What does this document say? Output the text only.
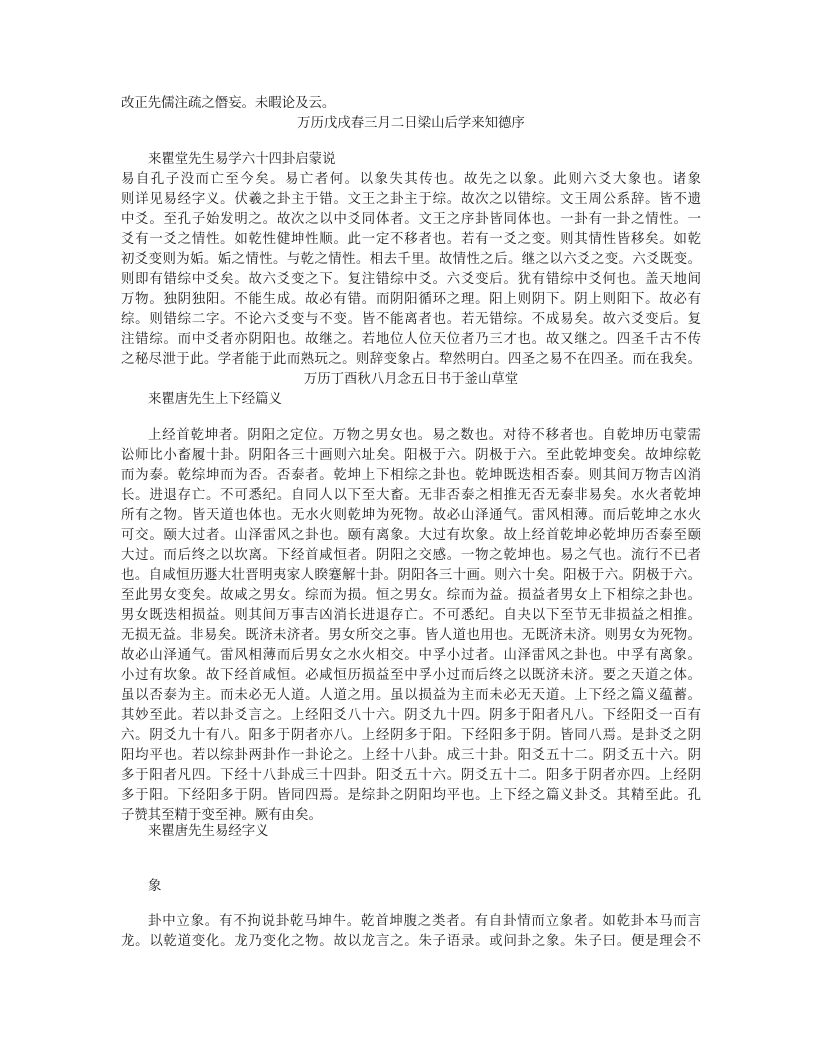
改正先儒注疏之僭妄。未暇论及云。
万历戊戌春三月二日梁山后学来知德序
来瞿堂先生易学六十四卦启蒙说
易自孔子没而亡至今矣。易亡者何。以象失其传也。故先之以象。此则六爻大象也。诸象
则详见易经字义。伏羲之卦主于错。文王之卦主于综。故次之以错综。文王周公系辞。皆不遗
中爻。至孔子始发明之。故次之以中爻同体者。文王之序卦皆同体也。一卦有一卦之情性。一
爻有一爻之情性。如乾性健坤性顺。此一定不移者也。若有一爻之变。则其情性皆移矣。如乾
初爻变则为姤。姤之情性。与乾之情性。相去千里。故情性之后。继之以六爻之变。六爻既变。
则即有错综中爻矣。故六爻变之下。复注错综中爻。六爻变后。犹有错综中爻何也。盖天地间
万物。独阴独阳。不能生成。故必有错。而阴阳循环之理。阳上则阴下。阴上则阳下。故必有
综。则错综二字。不论六爻变与不变。皆不能离者也。若无错综。不成易矣。故六爻变后。复
注错综。而中爻者亦阴阳也。故继之。若地位人位天位者乃三才也。故又继之。四圣千古不传
之秘尽泄于此。学者能于此而熟玩之。则辞变象占。犂然明白。四圣之易不在四圣。而在我矣。
万历丁酉秋八月念五日书于釜山草堂
来瞿唐先生上下经篇义
上经首乾坤者。阴阳之定位。万物之男女也。易之数也。对待不移者也。自乾坤历屯蒙需
讼师比小畜履十卦。阴阳各三十画则六址矣。阳极于六。阴极于六。至此乾坤变矣。故坤综乾
而为泰。乾综坤而为否。否泰者。乾坤上下相综之卦也。乾坤既迭相否泰。则其间万物吉凶消
长。进退存亡。不可悉纪。自同人以下至大畜。无非否泰之相推无否无泰非易矣。水火者乾坤
所有之物。皆天道也体也。无水火则乾坤为死物。故必山泽通气。雷风相薄。而后乾坤之水火
可交。颐大过者。山泽雷风之卦也。颐有离象。大过有坎象。故上经首乾坤必乾坤历否泰至颐
大过。而后终之以坎离。下经首咸恒者。阴阳之交感。一物之乾坤也。易之气也。流行不已者
也。自咸恒历遯大壮晋明夷家人睽蹇解十卦。阴阳各三十画。则六十矣。阳极于六。阴极于六。
至此男女变矣。故咸之男女。综而为损。恒之男女。综而为益。损益者男女上下相综之卦也。
男女既迭相损益。则其间万事吉凶消长进退存亡。不可悉纪。自夬以下至节无非损益之相推。
无损无益。非易矣。既济未济者。男女所交之事。皆人道也用也。无既济未济。则男女为死物。
故必山泽通气。雷风相薄而后男女之水火相交。中孚小过者。山泽雷风之卦也。中孚有离象。
小过有坎象。故下经首咸恒。必咸恒历损益至中孚小过而后终之以既济未济。要之天道之体。
虽以否泰为主。而未必无人道。人道之用。虽以损益为主而未必无天道。上下经之篇义蕴蓄。
其妙至此。若以卦爻言之。上经阳爻八十六。阴爻九十四。阴多于阳者凡八。下经阳爻一百有
六。阴爻九十有八。阳多于阴者亦八。上经阴多于阳。下经阳多于阴。皆同八焉。是卦爻之阴
阳均平也。若以综卦两卦作一卦论之。上经十八卦。成三十卦。阳爻五十二。阴爻五十六。阴
多于阳者凡四。下经十八卦成三十四卦。阳爻五十六。阴爻五十二。阳多于阴者亦四。上经阴
多于阳。下经阳多于阴。皆同四焉。是综卦之阴阳均平也。上下经之篇义卦爻。其精至此。孔
子赞其至精于变至神。厥有由矣。
来瞿唐先生易经字义
象
卦中立象。有不拘说卦乾马坤牛。乾首坤腹之类者。有自卦情而立象者。如乾卦本马而言
龙。以乾道变化。龙乃变化之物。故以龙言之。朱子语录。或问卦之象。朱子曰。便是理会不
